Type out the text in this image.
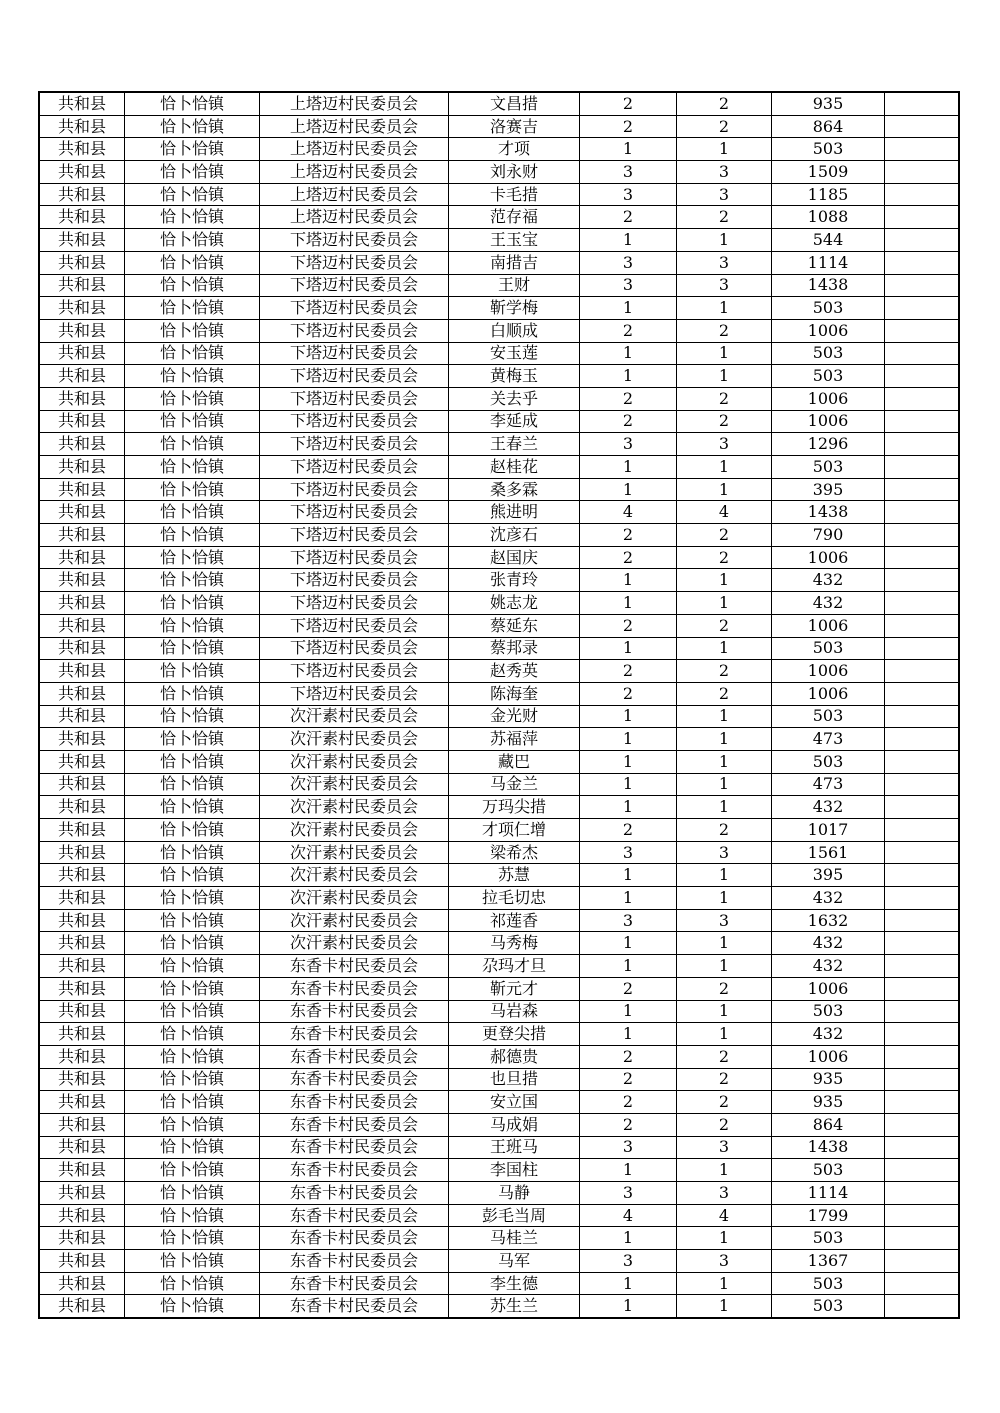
共和县	恰卜恰镇	上塔迈村民委员会	文昌措	2	2	935	
共和县	恰卜恰镇	上塔迈村民委员会	洛赛吉	2	2	864	
共和县	恰卜恰镇	上塔迈村民委员会	才项	1	1	503	
共和县	恰卜恰镇	上塔迈村民委员会	刘永财	3	3	1509	
共和县	恰卜恰镇	上塔迈村民委员会	卡毛措	3	3	1185	
共和县	恰卜恰镇	上塔迈村民委员会	范存福	2	2	1088	
共和县	恰卜恰镇	下塔迈村民委员会	王玉宝	1	1	544	
共和县	恰卜恰镇	下塔迈村民委员会	南措吉	3	3	1114	
共和县	恰卜恰镇	下塔迈村民委员会	王财	3	3	1438	
共和县	恰卜恰镇	下塔迈村民委员会	靳学梅	1	1	503	
共和县	恰卜恰镇	下塔迈村民委员会	白顺成	2	2	1006	
共和县	恰卜恰镇	下塔迈村民委员会	安玉莲	1	1	503	
共和县	恰卜恰镇	下塔迈村民委员会	黄梅玉	1	1	503	
共和县	恰卜恰镇	下塔迈村民委员会	关去乎	2	2	1006	
共和县	恰卜恰镇	下塔迈村民委员会	李延成	2	2	1006	
共和县	恰卜恰镇	下塔迈村民委员会	王春兰	3	3	1296	
共和县	恰卜恰镇	下塔迈村民委员会	赵桂花	1	1	503	
共和县	恰卜恰镇	下塔迈村民委员会	桑多霖	1	1	395	
共和县	恰卜恰镇	下塔迈村民委员会	熊进明	4	4	1438	
共和县	恰卜恰镇	下塔迈村民委员会	沈彦石	2	2	790	
共和县	恰卜恰镇	下塔迈村民委员会	赵国庆	2	2	1006	
共和县	恰卜恰镇	下塔迈村民委员会	张青玲	1	1	432	
共和县	恰卜恰镇	下塔迈村民委员会	姚志龙	1	1	432	
共和县	恰卜恰镇	下塔迈村民委员会	蔡延东	2	2	1006	
共和县	恰卜恰镇	下塔迈村民委员会	蔡邦录	1	1	503	
共和县	恰卜恰镇	下塔迈村民委员会	赵秀英	2	2	1006	
共和县	恰卜恰镇	下塔迈村民委员会	陈海奎	2	2	1006	
共和县	恰卜恰镇	次汗素村民委员会	金光财	1	1	503	
共和县	恰卜恰镇	次汗素村民委员会	苏福萍	1	1	473	
共和县	恰卜恰镇	次汗素村民委员会	藏巴	1	1	503	
共和县	恰卜恰镇	次汗素村民委员会	马金兰	1	1	473	
共和县	恰卜恰镇	次汗素村民委员会	万玛尖措	1	1	432	
共和县	恰卜恰镇	次汗素村民委员会	才项仁增	2	2	1017	
共和县	恰卜恰镇	次汗素村民委员会	梁希杰	3	3	1561	
共和县	恰卜恰镇	次汗素村民委员会	苏慧	1	1	395	
共和县	恰卜恰镇	次汗素村民委员会	拉毛切忠	1	1	432	
共和县	恰卜恰镇	次汗素村民委员会	祁莲香	3	3	1632	
共和县	恰卜恰镇	次汗素村民委员会	马秀梅	1	1	432	
共和县	恰卜恰镇	东香卡村民委员会	尕玛才旦	1	1	432	
共和县	恰卜恰镇	东香卡村民委员会	靳元才	2	2	1006	
共和县	恰卜恰镇	东香卡村民委员会	马岩森	1	1	503	
共和县	恰卜恰镇	东香卡村民委员会	更登尖措	1	1	432	
共和县	恰卜恰镇	东香卡村民委员会	郝德贵	2	2	1006	
共和县	恰卜恰镇	东香卡村民委员会	也旦措	2	2	935	
共和县	恰卜恰镇	东香卡村民委员会	安立国	2	2	935	
共和县	恰卜恰镇	东香卡村民委员会	马成娟	2	2	864	
共和县	恰卜恰镇	东香卡村民委员会	王班马	3	3	1438	
共和县	恰卜恰镇	东香卡村民委员会	李国柱	1	1	503	
共和县	恰卜恰镇	东香卡村民委员会	马静	3	3	1114	
共和县	恰卜恰镇	东香卡村民委员会	彭毛当周	4	4	1799	
共和县	恰卜恰镇	东香卡村民委员会	马桂兰	1	1	503	
共和县	恰卜恰镇	东香卡村民委员会	马军	3	3	1367	
共和县	恰卜恰镇	东香卡村民委员会	李生德	1	1	503	
共和县	恰卜恰镇	东香卡村民委员会	苏生兰	1	1	503	
